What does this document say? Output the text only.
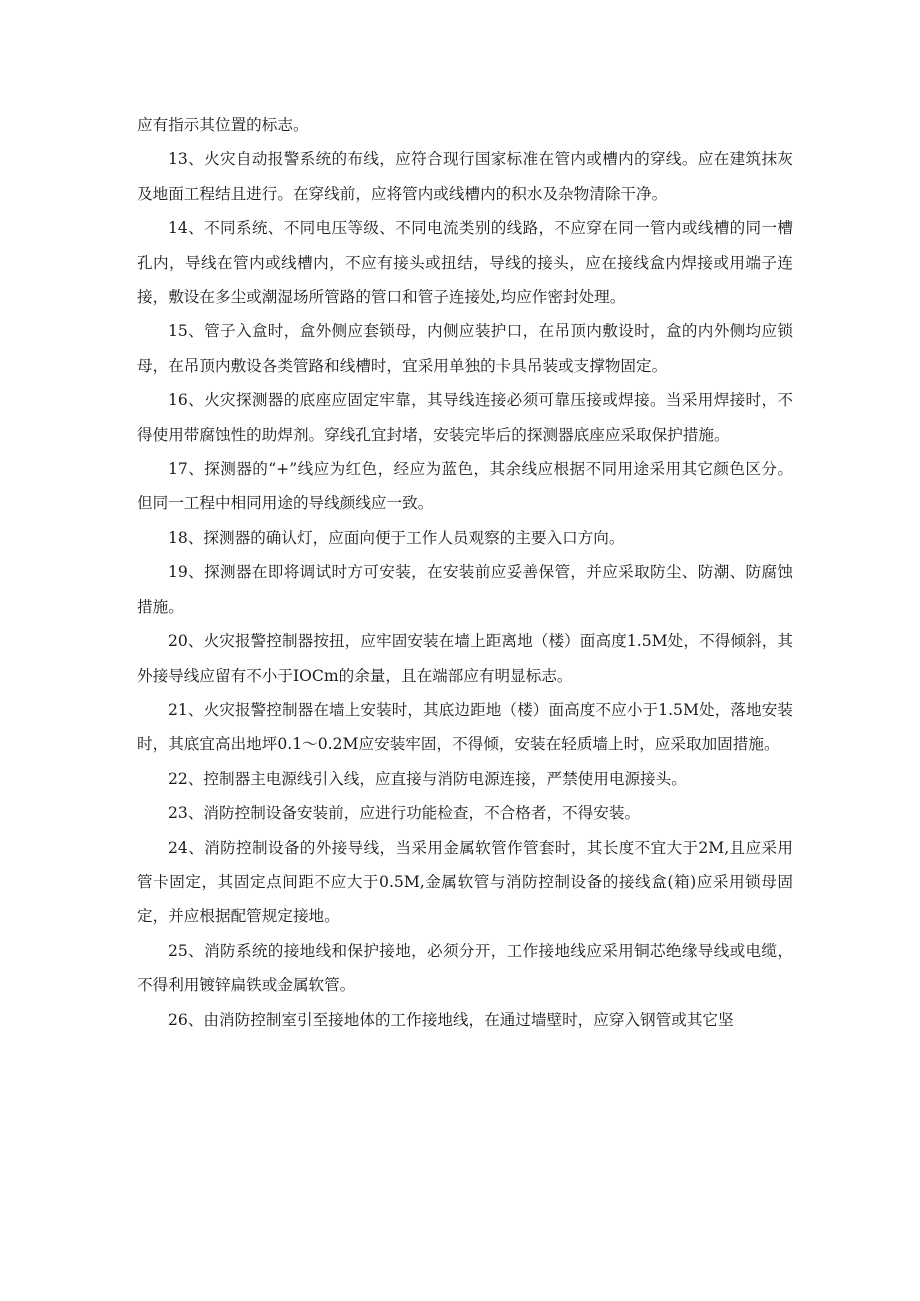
应有指示其位置的标志。

13、火灾自动报警系统的布线，应符合现行国家标准在管内或槽内的穿线。应在建筑抹灰及地面工程结且进行。在穿线前，应将管内或线槽内的积水及杂物清除干净。

14、不同系统、不同电压等级、不同电流类别的线路，不应穿在同一管内或线槽的同一槽孔内，导线在管内或线槽内，不应有接头或扭结，导线的接头，应在接线盒内焊接或用端子连接，敷设在多尘或潮湿场所管路的管口和管子连接处,均应作密封处理。

15、管子入盒时，盒外侧应套锁母，内侧应装护口，在吊顶内敷设时，盒的内外侧均应锁母，在吊顶内敷设各类管路和线槽时，宜采用单独的卡具吊装或支撑物固定。

16、火灾探测器的底座应固定牢靠，其导线连接必须可靠压接或焊接。当采用焊接时，不得使用带腐蚀性的助焊剂。穿线孔宜封堵，安装完毕后的探测器底座应采取保护措施。

17、探测器的“+”线应为红色，经应为蓝色，其余线应根据不同用途采用其它颜色区分。但同一工程中相同用途的导线颜线应一致。

18、探测器的确认灯，应面向便于工作人员观察的主要入口方向。

19、探测器在即将调试时方可安装，在安装前应妥善保管，并应采取防尘、防潮、防腐蚀措施。

20、火灾报警控制器按扭，应牢固安装在墙上距离地（楼）面高度1.5M处，不得倾斜，其外接导线应留有不小于IOCm的余量，且在端部应有明显标志。

21、火灾报警控制器在墙上安装时，其底边距地（楼）面高度不应小于1.5M处，落地安装时，其底宜高出地坪0.1～0.2M应安装牢固，不得倾，安装在轻质墙上时，应采取加固措施。

22、控制器主电源线引入线，应直接与消防电源连接，严禁使用电源接头。

23、消防控制设备安装前，应进行功能检查，不合格者，不得安装。

24、消防控制设备的外接导线，当采用金属软管作管套时，其长度不宜大于2M,且应采用管卡固定，其固定点间距不应大于0.5M,金属软管与消防控制设备的接线盒(箱)应采用锁母固定，并应根据配管规定接地。

25、消防系统的接地线和保护接地，必须分开，工作接地线应采用铜芯绝缘导线或电缆，不得利用镀锌扁铁或金属软管。

26、由消防控制室引至接地体的工作接地线，在通过墙壁时，应穿入钢管或其它坚
